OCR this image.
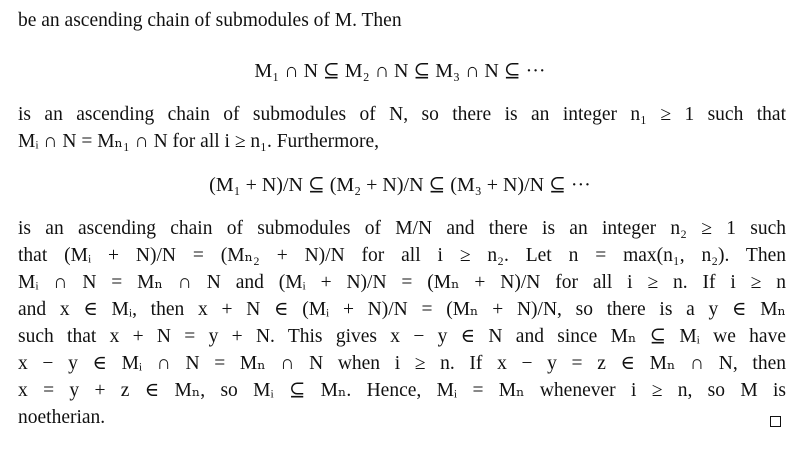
be an ascending chain of submodules of M. Then
M₁ ∩ N ⊆ M₂ ∩ N ⊆ M₃ ∩ N ⊆ ···
is an ascending chain of submodules of N, so there is an integer n₁ ≥ 1 such that
Mᵢ ∩ N = Mₙ₁ ∩ N for all i ≥ n₁. Furthermore,
(M₁ + N)/N ⊆ (M₂ + N)/N ⊆ (M₃ + N)/N ⊆ ···
is an ascending chain of submodules of M/N and there is an integer n₂ ≥ 1 such
that (Mᵢ + N)/N = (Mₙ₂ + N)/N for all i ≥ n₂. Let n = max(n₁, n₂). Then
Mᵢ ∩ N = Mₙ ∩ N and (Mᵢ + N)/N = (Mₙ + N)/N for all i ≥ n. If i ≥ n
and x ∈ Mᵢ, then x + N ∈ (Mᵢ + N)/N = (Mₙ + N)/N, so there is a y ∈ Mₙ
such that x + N = y + N. This gives x − y ∈ N and since Mₙ ⊆ Mᵢ we have
x − y ∈ Mᵢ ∩ N = Mₙ ∩ N when i ≥ n. If x − y = z ∈ Mₙ ∩ N, then
x = y + z ∈ Mₙ, so Mᵢ ⊆ Mₙ. Hence, Mᵢ = Mₙ whenever i ≥ n, so M is
noetherian.
